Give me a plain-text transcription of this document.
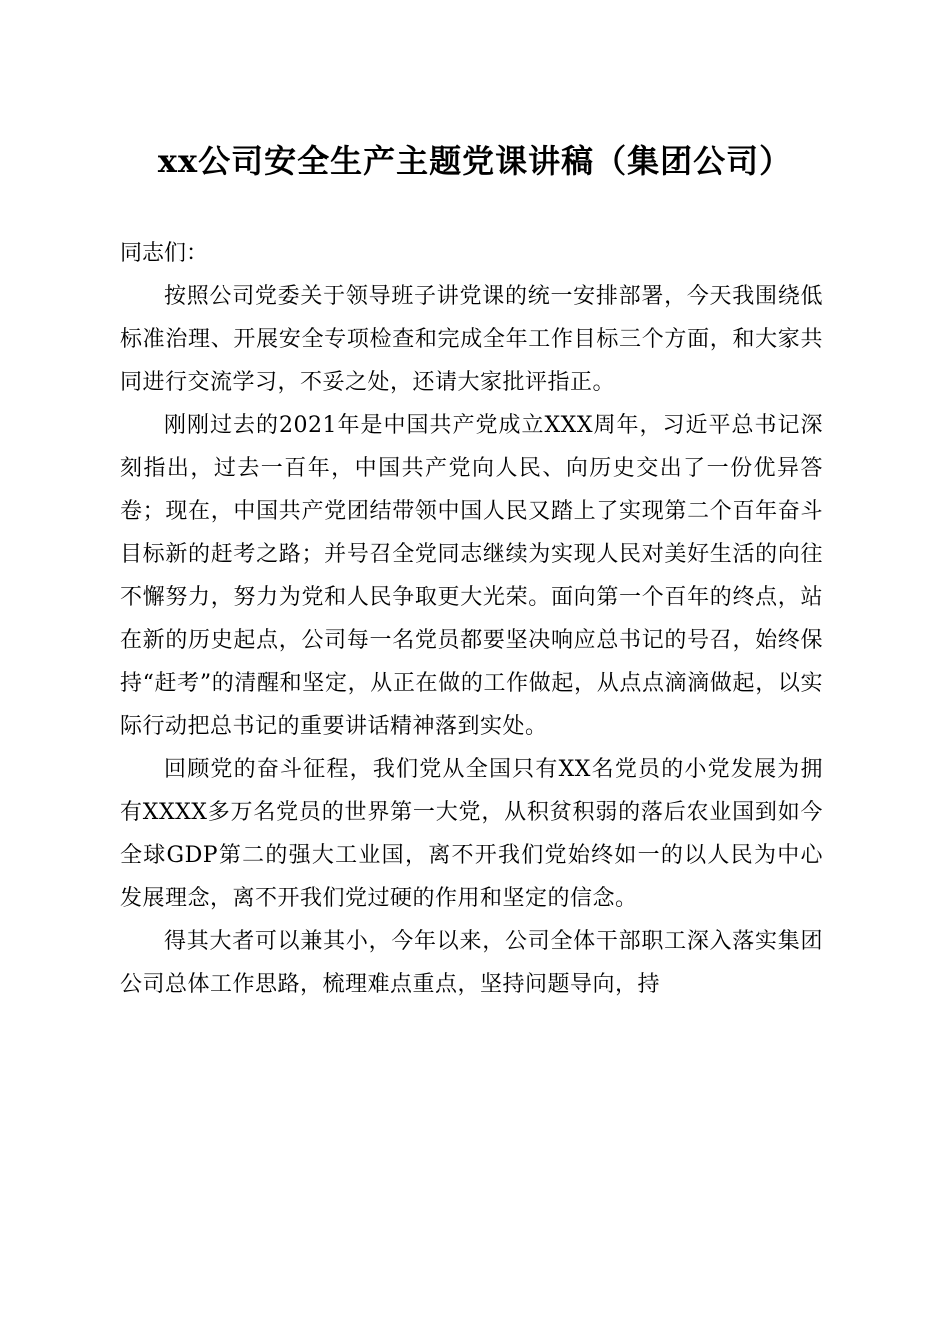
xx公司安全生产主题党课讲稿（集团公司）

同志们：

按照公司党委关于领导班子讲党课的统一安排部署，今天我围绕低标准治理、开展安全专项检查和完成全年工作目标三个方面，和大家共同进行交流学习，不妥之处，还请大家批评指正。

刚刚过去的2021年是中国共产党成立XXX周年，习近平总书记深刻指出，过去一百年，中国共产党向人民、向历史交出了一份优异答卷；现在，中国共产党团结带领中国人民又踏上了实现第二个百年奋斗目标新的赶考之路；并号召全党同志继续为实现人民对美好生活的向往不懈努力，努力为党和人民争取更大光荣。面向第一个百年的终点，站在新的历史起点，公司每一名党员都要坚决响应总书记的号召，始终保持“赶考”的清醒和坚定，从正在做的工作做起，从点点滴滴做起，以实际行动把总书记的重要讲话精神落到实处。

回顾党的奋斗征程，我们党从全国只有XX名党员的小党发展为拥有XXXX多万名党员的世界第一大党，从积贫积弱的落后农业国到如今全球GDP第二的强大工业国，离不开我们党始终如一的以人民为中心发展理念，离不开我们党过硬的作用和坚定的信念。

得其大者可以兼其小，今年以来，公司全体干部职工深入落实集团公司总体工作思路，梳理难点重点，坚持问题导向，持
